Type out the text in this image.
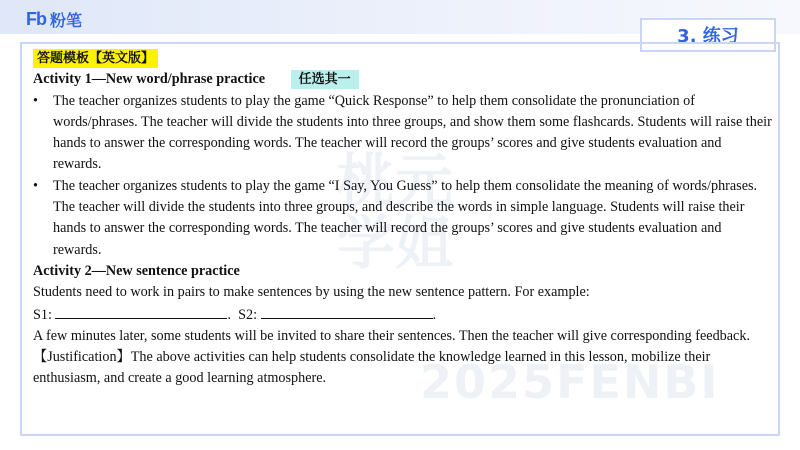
Fb 粉笔
3. 练习
桃元学姐
2025FENBI

答题模板【英文版】

Activity 1—New word/phrase practice	任选其一

• The teacher organizes students to play the game “Quick Response” to help them consolidate the pronunciation of words/phrases. The teacher will divide the students into three groups, and show them some flashcards. Students will raise their hands to answer the corresponding words. The teacher will record the groups’ scores and give students evaluation and rewards.

• The teacher organizes students to play the game “I Say, You Guess” to help them consolidate the meaning of words/phrases. The teacher will divide the students into three groups, and describe the words in simple language. Students will raise their hands to answer the corresponding words. The teacher will record the groups’ scores and give students evaluation and rewards.

Activity 2—New sentence practice

Students need to work in pairs to make sentences by using the new sentence pattern. For example:

S1:	. S2:	.

A few minutes later, some students will be invited to share their sentences. Then the teacher will give corresponding feedback.

【Justification】The above activities can help students consolidate the knowledge learned in this lesson, mobilize their enthusiasm, and create a good learning atmosphere.
